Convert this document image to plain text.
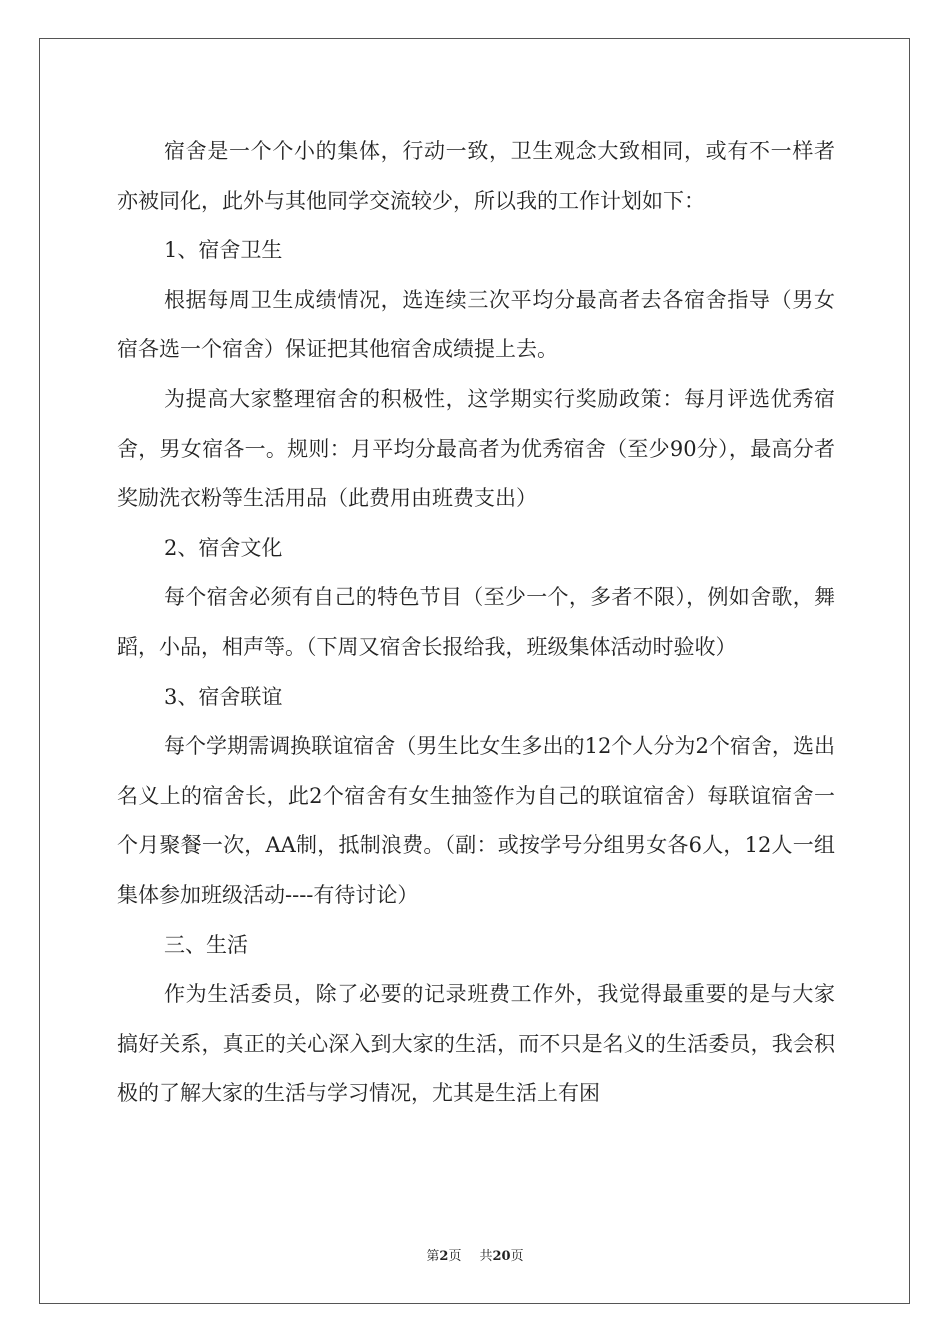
宿舍是一个个小的集体，行动一致，卫生观念大致相同，或有不一样者亦被同化，此外与其他同学交流较少，所以我的工作计划如下：

1、宿舍卫生

根据每周卫生成绩情况，选连续三次平均分最高者去各宿舍指导（男女宿各选一个宿舍）保证把其他宿舍成绩提上去。

为提高大家整理宿舍的积极性，这学期实行奖励政策：每月评选优秀宿舍，男女宿各一。规则：月平均分最高者为优秀宿舍（至少90分），最高分者奖励洗衣粉等生活用品（此费用由班费支出）

2、宿舍文化

每个宿舍必须有自己的特色节目（至少一个，多者不限），例如舍歌，舞蹈，小品，相声等。（下周又宿舍长报给我，班级集体活动时验收）

3、宿舍联谊

每个学期需调换联谊宿舍（男生比女生多出的12个人分为2个宿舍，选出名义上的宿舍长，此2个宿舍有女生抽签作为自己的联谊宿舍）每联谊宿舍一个月聚餐一次，AA制，抵制浪费。（副：或按学号分组男女各6人，12人一组集体参加班级活动----有待讨论）

三、生活

作为生活委员，除了必要的记录班费工作外，我觉得最重要的是与大家搞好关系，真正的关心深入到大家的生活，而不只是名义的生活委员，我会积极的了解大家的生活与学习情况，尤其是生活上有困

第2页 共20页
